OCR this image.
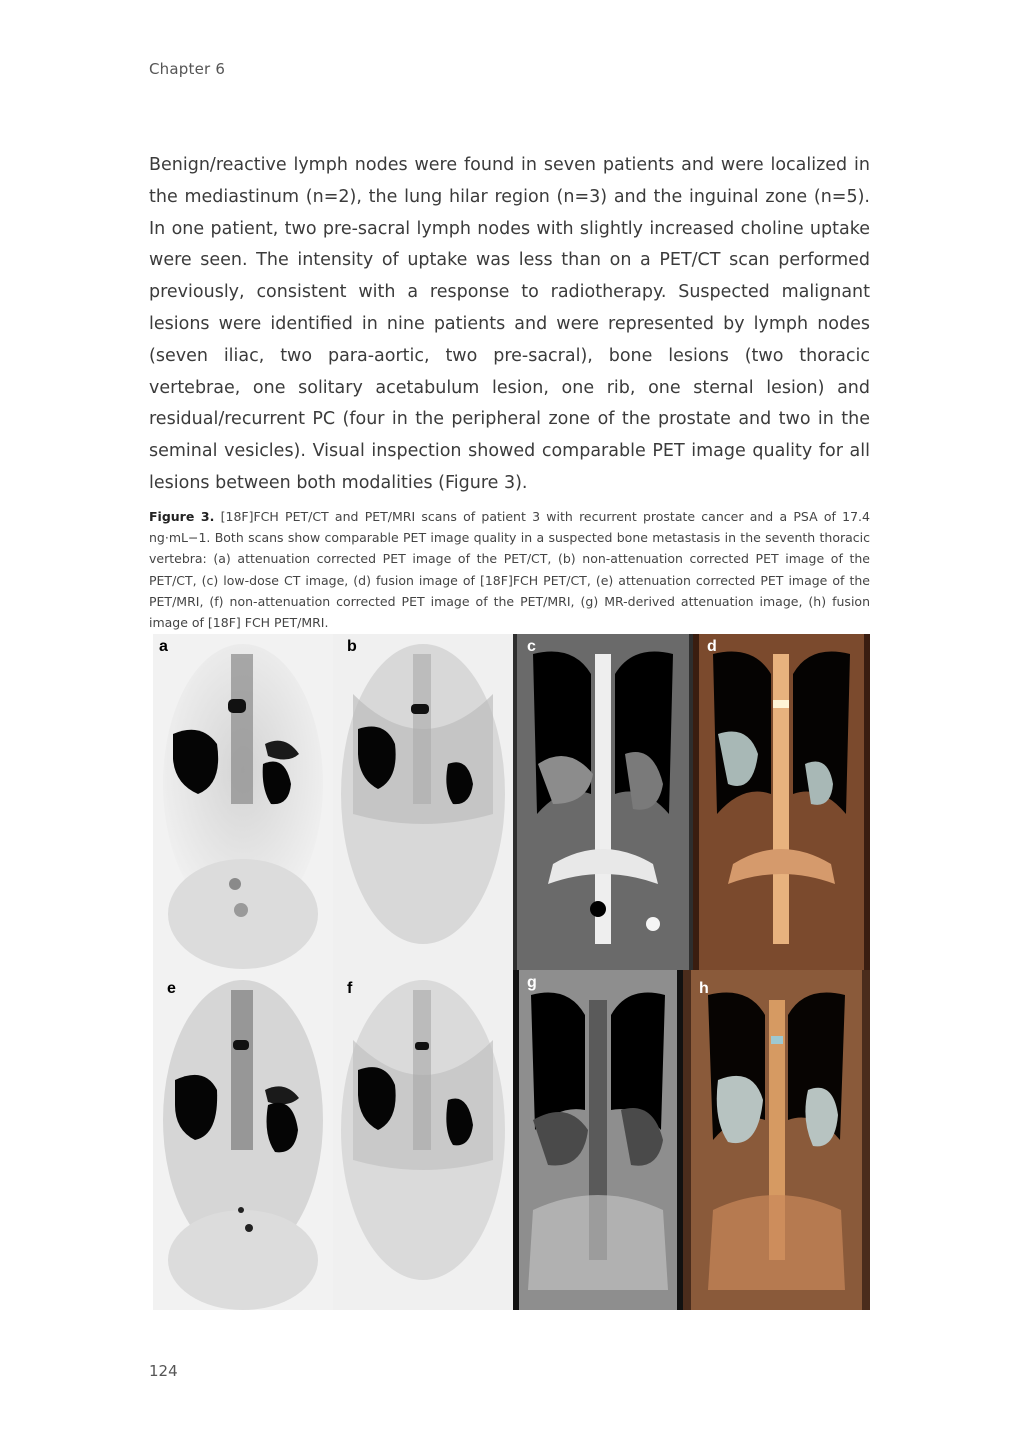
Chapter 6
Benign/reactive lymph nodes were found in seven patients and were localized in the mediastinum (n=2), the lung hilar region (n=3) and the inguinal zone (n=5). In one patient, two pre-sacral lymph nodes with slightly increased choline uptake were seen. The intensity of uptake was less than on a PET/CT scan performed previously, consistent with a response to radiotherapy. Suspected malignant lesions were identified in nine patients and were represented by lymph nodes (seven iliac, two para-aortic, two pre-sacral), bone lesions (two thoracic vertebrae, one solitary acetabulum lesion, one rib, one sternal lesion) and residual/recurrent PC (four in the peripheral zone of the prostate and two in the seminal vesicles). Visual inspection showed comparable PET image quality for all lesions between both modalities (Figure 3).
Figure 3. [18F]FCH PET/CT and PET/MRI scans of patient 3 with recurrent prostate cancer and a PSA of 17.4 ng·mL−1. Both scans show comparable PET image quality in a suspected bone metastasis in the seventh thoracic vertebra: (a) attenuation corrected PET image of the PET/CT, (b) non-attenuation corrected PET image of the PET/CT, (c) low-dose CT image, (d) fusion image of [18F]FCH PET/CT, (e) attenuation corrected PET image of the PET/MRI, (f) non-attenuation corrected PET image of the PET/MRI, (g) MR-derived attenuation image, (h) fusion image of [18F] FCH PET/MRI.
a	b	c	d
e	f	g	h
124
